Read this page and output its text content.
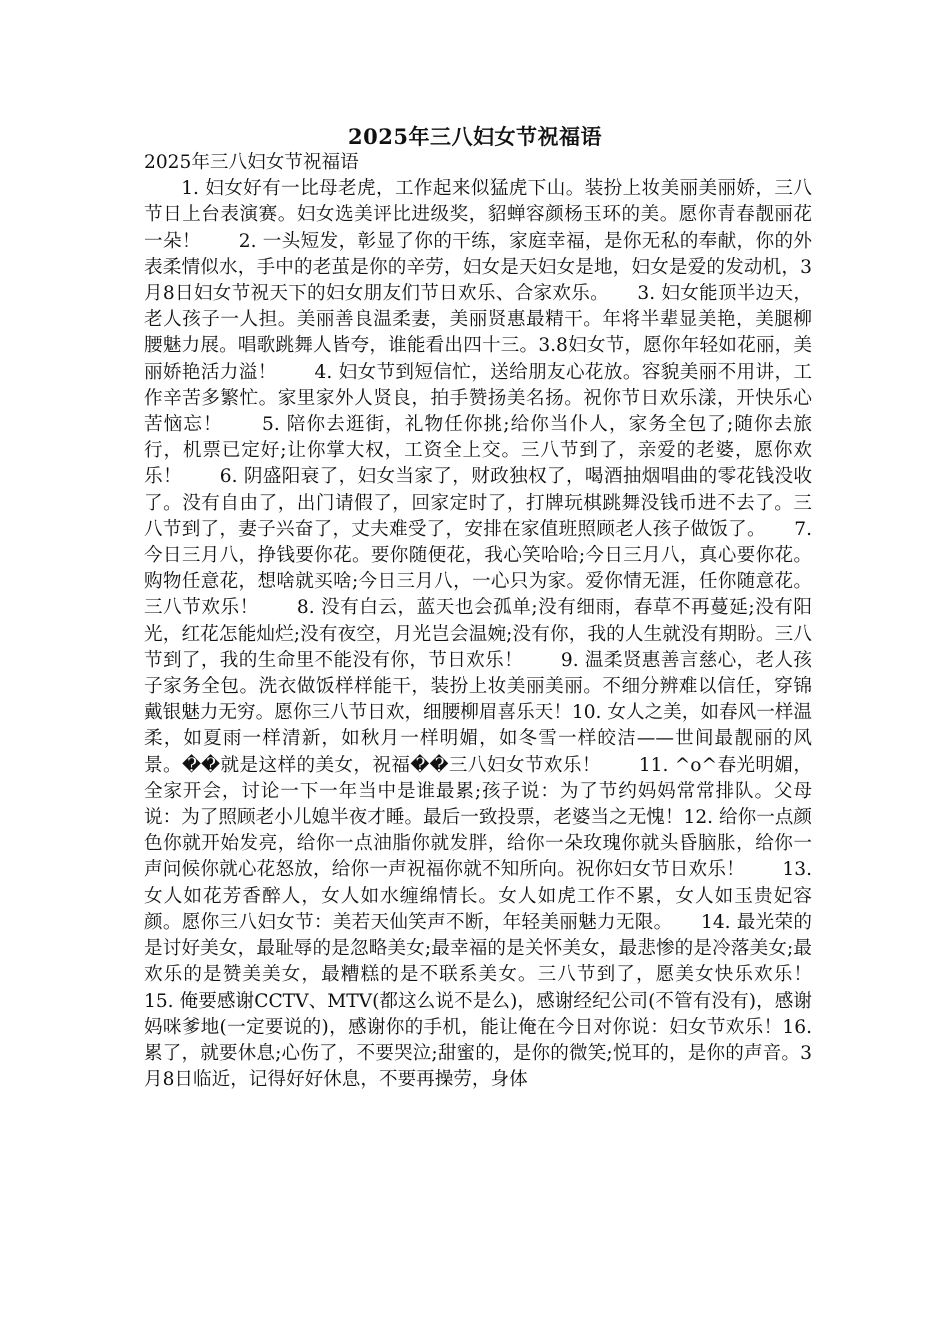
2025年三八妇女节祝福语
2025年三八妇女节祝福语

1. 妇女好有一比母老虎，工作起来似猛虎下山。装扮上妆美丽美丽娇，三八节日上台表演赛。妇女选美评比进级奖，貂蝉容颜杨玉环的美。愿你青春靓丽花一朵！　　2. 一头短发，彰显了你的干练，家庭幸福，是你无私的奉献，你的外表柔情似水，手中的老茧是你的辛劳，妇女是天妇女是地，妇女是爱的发动机，3月8日妇女节祝天下的妇女朋友们节日欢乐、合家欢乐。　　3. 妇女能顶半边天，老人孩子一人担。美丽善良温柔妻，美丽贤惠最精干。年将半辈显美艳，美腿柳腰魅力展。唱歌跳舞人皆夸，谁能看出四十三。3.8妇女节，愿你年轻如花丽，美丽娇艳活力溢！　　4. 妇女节到短信忙，送给朋友心花放。容貌美丽不用讲，工作辛苦多繁忙。家里家外人贤良，拍手赞扬美名扬。祝你节日欢乐漾，开快乐心苦恼忘！　　5. 陪你去逛街，礼物任你挑;给你当仆人，家务全包了;随你去旅行，机票已定好;让你掌大权，工资全上交。三八节到了，亲爱的老婆，愿你欢乐！　　6. 阴盛阳衰了，妇女当家了，财政独权了，喝酒抽烟唱曲的零花钱没收了。没有自由了，出门请假了，回家定时了，打牌玩棋跳舞没钱币进不去了。三八节到了，妻子兴奋了，丈夫难受了，安排在家值班照顾老人孩子做饭了。　　7. 今日三月八，挣钱要你花。要你随便花，我心笑哈哈;今日三月八，真心要你花。购物任意花，想啥就买啥;今日三月八，一心只为家。爱你情无涯，任你随意花。三八节欢乐！　　8. 没有白云，蓝天也会孤单;没有细雨，春草不再蔓延;没有阳光，红花怎能灿烂;没有夜空，月光岂会温婉;没有你，我的人生就没有期盼。三八节到了，我的生命里不能没有你，节日欢乐！　　9. 温柔贤惠善言慈心，老人孩子家务全包。洗衣做饭样样能干，装扮上妆美丽美丽。不细分辨难以信任，穿锦戴银魅力无穷。愿你三八节日欢，细腰柳眉喜乐天！10. 女人之美，如春风一样温柔，如夏雨一样清新，如秋月一样明媚，如冬雪一样皎洁——世间最靓丽的风景。��就是这样的美女，祝福��三八妇女节欢乐！　　11. ^o^春光明媚，全家开会，讨论一下一年当中是谁最累;孩子说：为了节约妈妈常常排队。父母说：为了照顾老小儿媳半夜才睡。最后一致投票，老婆当之无愧！12. 给你一点颜色你就开始发亮，给你一点油脂你就发胖，给你一朵玫瑰你就头昏脑胀，给你一声问候你就心花怒放，给你一声祝福你就不知所向。祝你妇女节日欢乐！　　13. 女人如花芳香醉人，女人如水缠绵情长。女人如虎工作不累，女人如玉贵妃容颜。愿你三八妇女节：美若天仙笑声不断，年轻美丽魅力无限。　　14. 最光荣的是讨好美女，最耻辱的是忽略美女;最幸福的是关怀美女，最悲惨的是冷落美女;最欢乐的是赞美美女，最糟糕的是不联系美女。三八节到了，愿美女快乐欢乐！　　15. 俺要感谢CCTV、MTV(都这么说不是么)，感谢经纪公司(不管有没有)，感谢妈咪爹地(一定要说的)，感谢你的手机，能让俺在今日对你说：妇女节欢乐！16. 累了，就要休息;心伤了，不要哭泣;甜蜜的，是你的微笑;悦耳的，是你的声音。3月8日临近，记得好好休息，不要再操劳，身体
